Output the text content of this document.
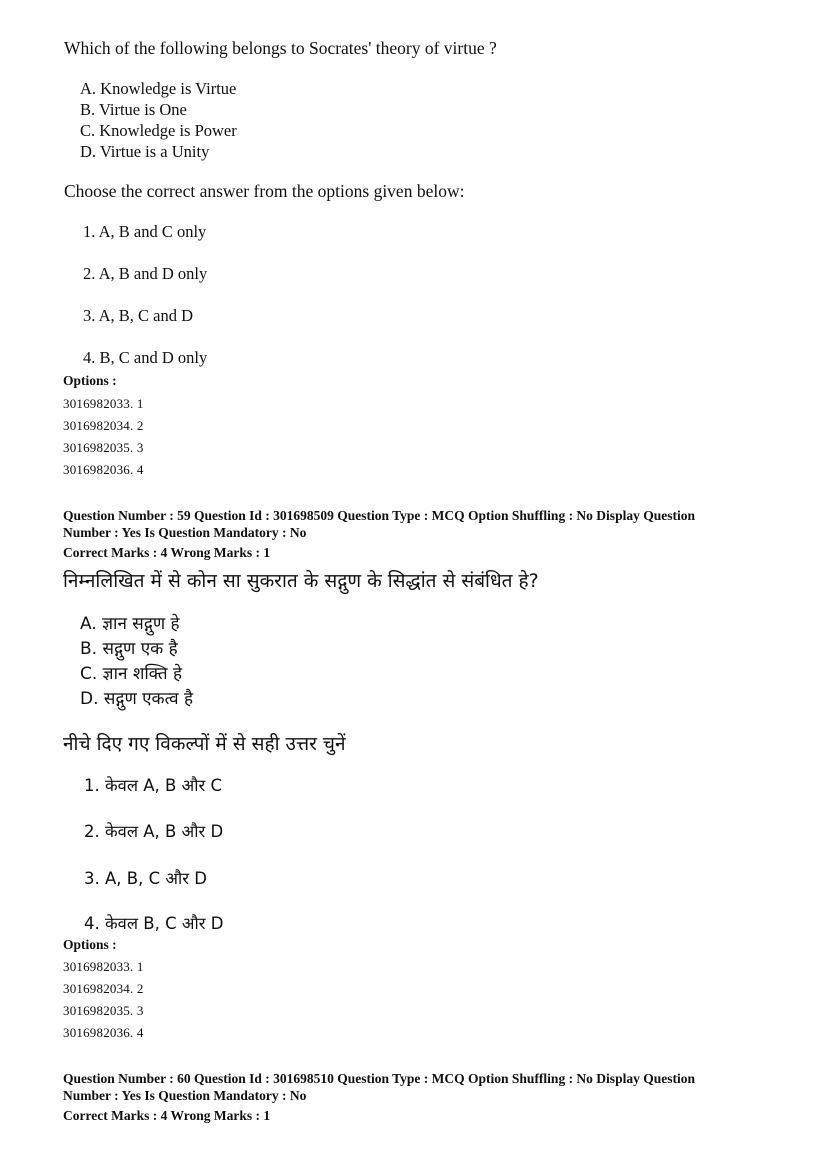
Which of the following belongs to Socrates' theory of virtue ?
A. Knowledge is Virtue
B. Virtue is One
C. Knowledge is Power
D. Virtue is a Unity
Choose the correct answer from the options given below:
1. A, B and C only
2. A, B and D only
3. A, B, C and D
4. B, C and D only
Options :
3016982033. 1
3016982034. 2
3016982035. 3
3016982036. 4
Question Number : 59 Question Id : 301698509 Question Type : MCQ Option Shuffling : No Display Question
Number : Yes Is Question Mandatory : No
Correct Marks : 4 Wrong Marks : 1
निम्नलिखित में से कोन सा सुकरात के सद्गुण के सिद्धांत से संबंधित हे?
A. ज्ञान सद्गुण हे
B. सद्गुण एक है
C. ज्ञान शक्ति हे
D. सद्गुण एकत्व है
नीचे दिए गए विकल्पों में से सही उत्तर चुनें
1. केवल A, B और C
2. केवल A, B और D
3. A, B, C और D
4. केवल B, C और D
Options :
3016982033. 1
3016982034. 2
3016982035. 3
3016982036. 4
Question Number : 60 Question Id : 301698510 Question Type : MCQ Option Shuffling : No Display Question
Number : Yes Is Question Mandatory : No
Correct Marks : 4 Wrong Marks : 1
